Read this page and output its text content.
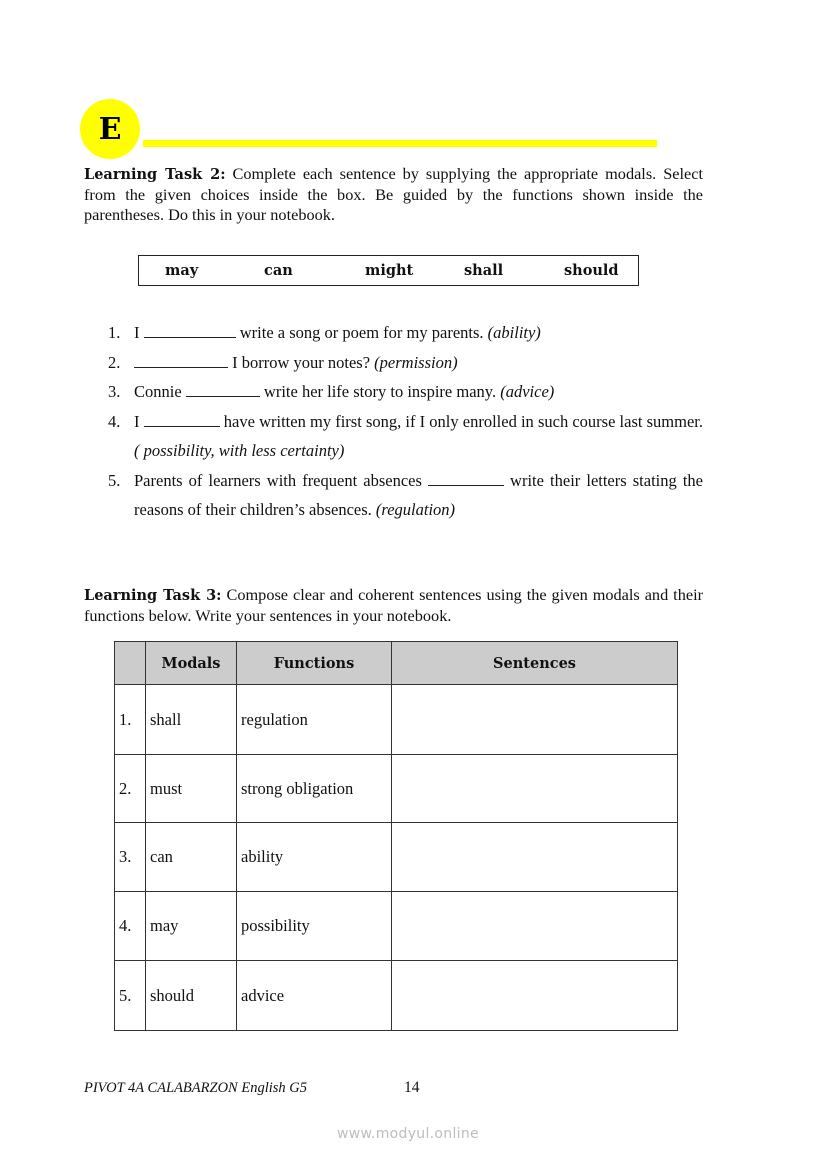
E
Learning Task 2: Complete each sentence by supplying the appropriate modals. Select from the given choices inside the box. Be guided by the functions shown inside the parentheses. Do this in your notebook.
may	can	might	shall	should
1. I	write a song or poem for my parents. (ability)
2.	I borrow your notes? (permission)
3. Connie	write her life story to inspire many. (advice)
4. I	have written my first song, if I only enrolled in such course last summer.( possibility, with less certainty)
5. Parents of learners with frequent absences	write their letters stating the reasons of their children’s absences. (regulation)
Learning Task 3: Compose clear and coherent sentences using the given modals and their functions below. Write your sentences in your notebook.
	Modals	Functions	Sentences
1.	shall	regulation	
2.	must	strong obligation	
3.	can	ability	
4.	may	possibility	
5.	should	advice	
PIVOT 4A CALABARZON English G5	14
www.modyul.online
